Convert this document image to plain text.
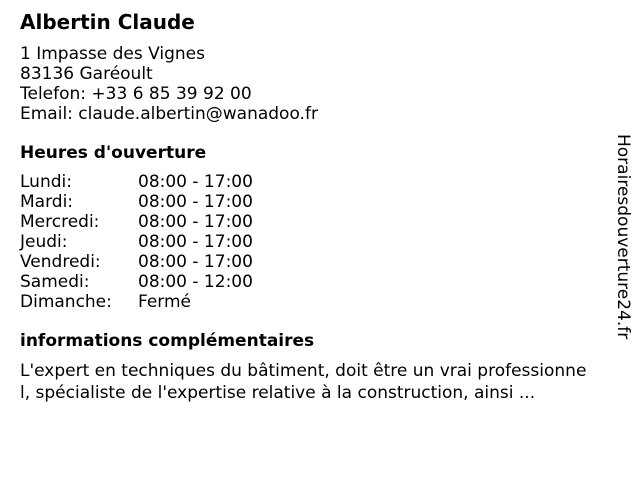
Albertin Claude
1 Impasse des Vignes
83136 Garéoult
Telefon: +33 6 85 39 92 00
Email: claude.albertin@wanadoo.fr
Heures d'ouverture
Lundi:	08:00 - 17:00
Mardi:	08:00 - 17:00
Mercredi:	08:00 - 17:00
Jeudi:	08:00 - 17:00
Vendredi:	08:00 - 17:00
Samedi:	08:00 - 12:00
Dimanche:	Fermé
informations complémentaires
L'expert en techniques du bâtiment, doit être un vrai professionnel, spécialiste de l'expertise relative à la construction, ainsi ...
Horairesdouverture24.fr
